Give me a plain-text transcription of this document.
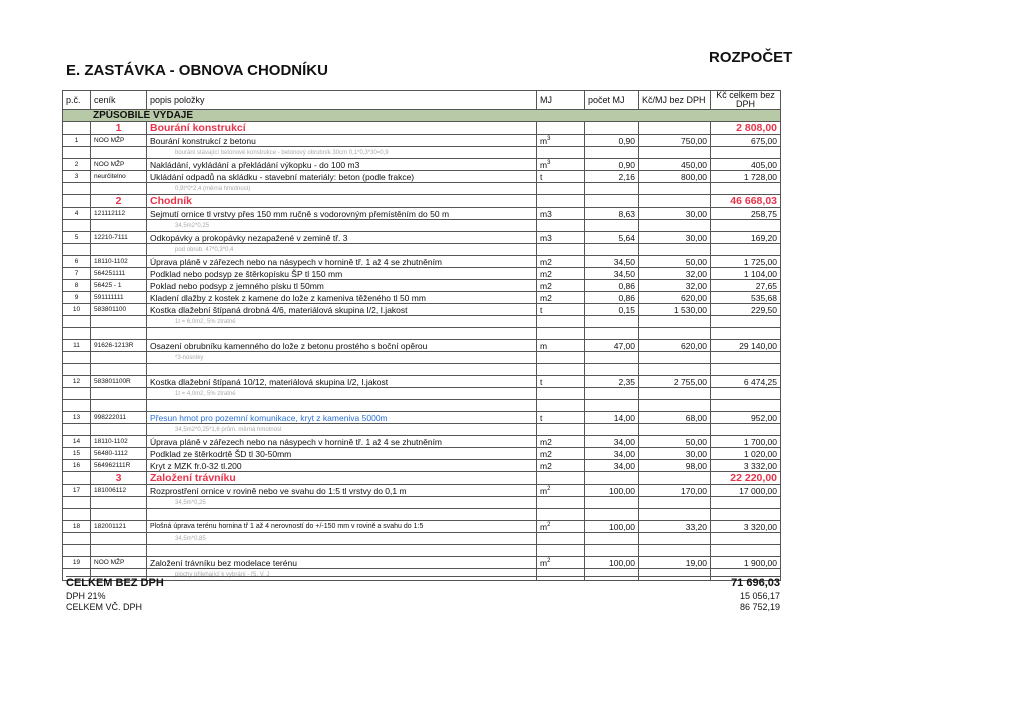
E. ZASTÁVKA - OBNOVA CHODNÍKU
ROZPOČET
p.č.	ceník	popis položky	MJ	počet MJ	Kč/MJ bez DPH	Kč celkem bez DPH
ZPŮSOBILÉ VÝDAJE						
	1	Bourání konstrukcí				2 808,00
1	NOO MŽP	Bourání konstrukcí z betonu	$m^3$	0,90	750,00	675,00
		bourání stávající betonové konstrukce - betonový obrubník 30cm 0,1*0,3*30=0,9				
2	NOO MŽP	Nakládání, vykládání a překládání výkopku - do 100 m3	$m^3$	0,90	450,00	405,00
3	neurčitelno	Ukládání odpadů na skládku - stavební materiály: beton (podle frakce)	t	2,16	800,00	1 728,00
		0,9t*0*2,4 (měrná hmotnost)				
	2	Chodník				46 668,03
4	121112112	Sejmutí ornice tl vrstvy přes 150 mm ručně s vodorovným přemístěním do 50 m	m3	8,63	30,00	258,75
		34,5m2*0,25				
5	12210-7111	Odkopávky a prokopávky nezapažené v zemině tř. 3	m3	5,64	30,00	169,20
		pod obrub. 47*0,3*0,4				
6	18110-1102	Úprava pláně v zářezech nebo na násypech v hornině tř. 1 až 4 se zhutněním	m2	34,50	50,00	1 725,00
7	564251111	Podklad nebo podsyp ze štěrkopísku ŠP tl 150 mm	m2	34,50	32,00	1 104,00
8	56425 - 1	Poklad nebo podsyp z jemného písku tl 50mm	m2	0,86	32,00	27,65
9	591111111	Kladení dlažby z kostek z kamene do lože z kameniva těženého tl 50 mm	m2	0,86	620,00	535,68
10	583801100	Kostka dlažební štípaná drobná 4/6, materiálová skupina I/2, I.jakost	t	0,15	1 530,00	229,50
		1t = 6,0m2, 5% ztratné				

11	91626-1213R	Osazení obrubníku kamenného do lože z betonu prostého s boční opěrou	m	47,00	620,00	29 140,00
		*3-nosníky				

12	583801100R	Kostka dlažební štípaná 10/12, materiálová skupina I/2, I.jakost	t	2,35	2 755,00	6 474,25
		1t = 4,0m2, 5% ztratné				

13	998222011	Přesun hmot pro pozemní komunikace, kryt z kameniva 5000m	t	14,00	68,00	952,00
		34,5m2*0,25*1,6 prům. měrná hmotnost				
14	18110-1102	Úprava pláně v zářezech nebo na násypech v hornině tř. 1 až 4 se zhutněním	m2	34,00	50,00	1 700,00
15	56480-1112	Podklad ze štěrkodrtě ŠD tl 30-50mm	m2	34,00	30,00	1 020,00
16	564962111R	Kryt z MZK fr.0-32 tl.200	m2	34,00	98,00	3 332,00
	3	Založení trávníku				22 220,00
17	181006112	Rozprostření ornice v rovině nebo ve svahu do 1:5 tl vrstvy do 0,1 m	$m^2$	100,00	170,00	17 000,00
		34,5m*0,25				

18	182001121	Plošná úprava terénu hornina tř 1 až 4 nerovností do +/-150 mm v rovině a svahu do 1:5	$m^2$	100,00	33,20	3 320,00
		34,5m*0,85				

19	NOO MŽP	Založení trávníku bez modelace terénu	$m^2$	100,00	19,00	1 900,00
		plochy přilehající k vybrání - ř5, V, J				
CELKEM BEZ DPH	71 696,03
DPH 21%	15 056,17
CELKEM VČ. DPH	86 752,19
